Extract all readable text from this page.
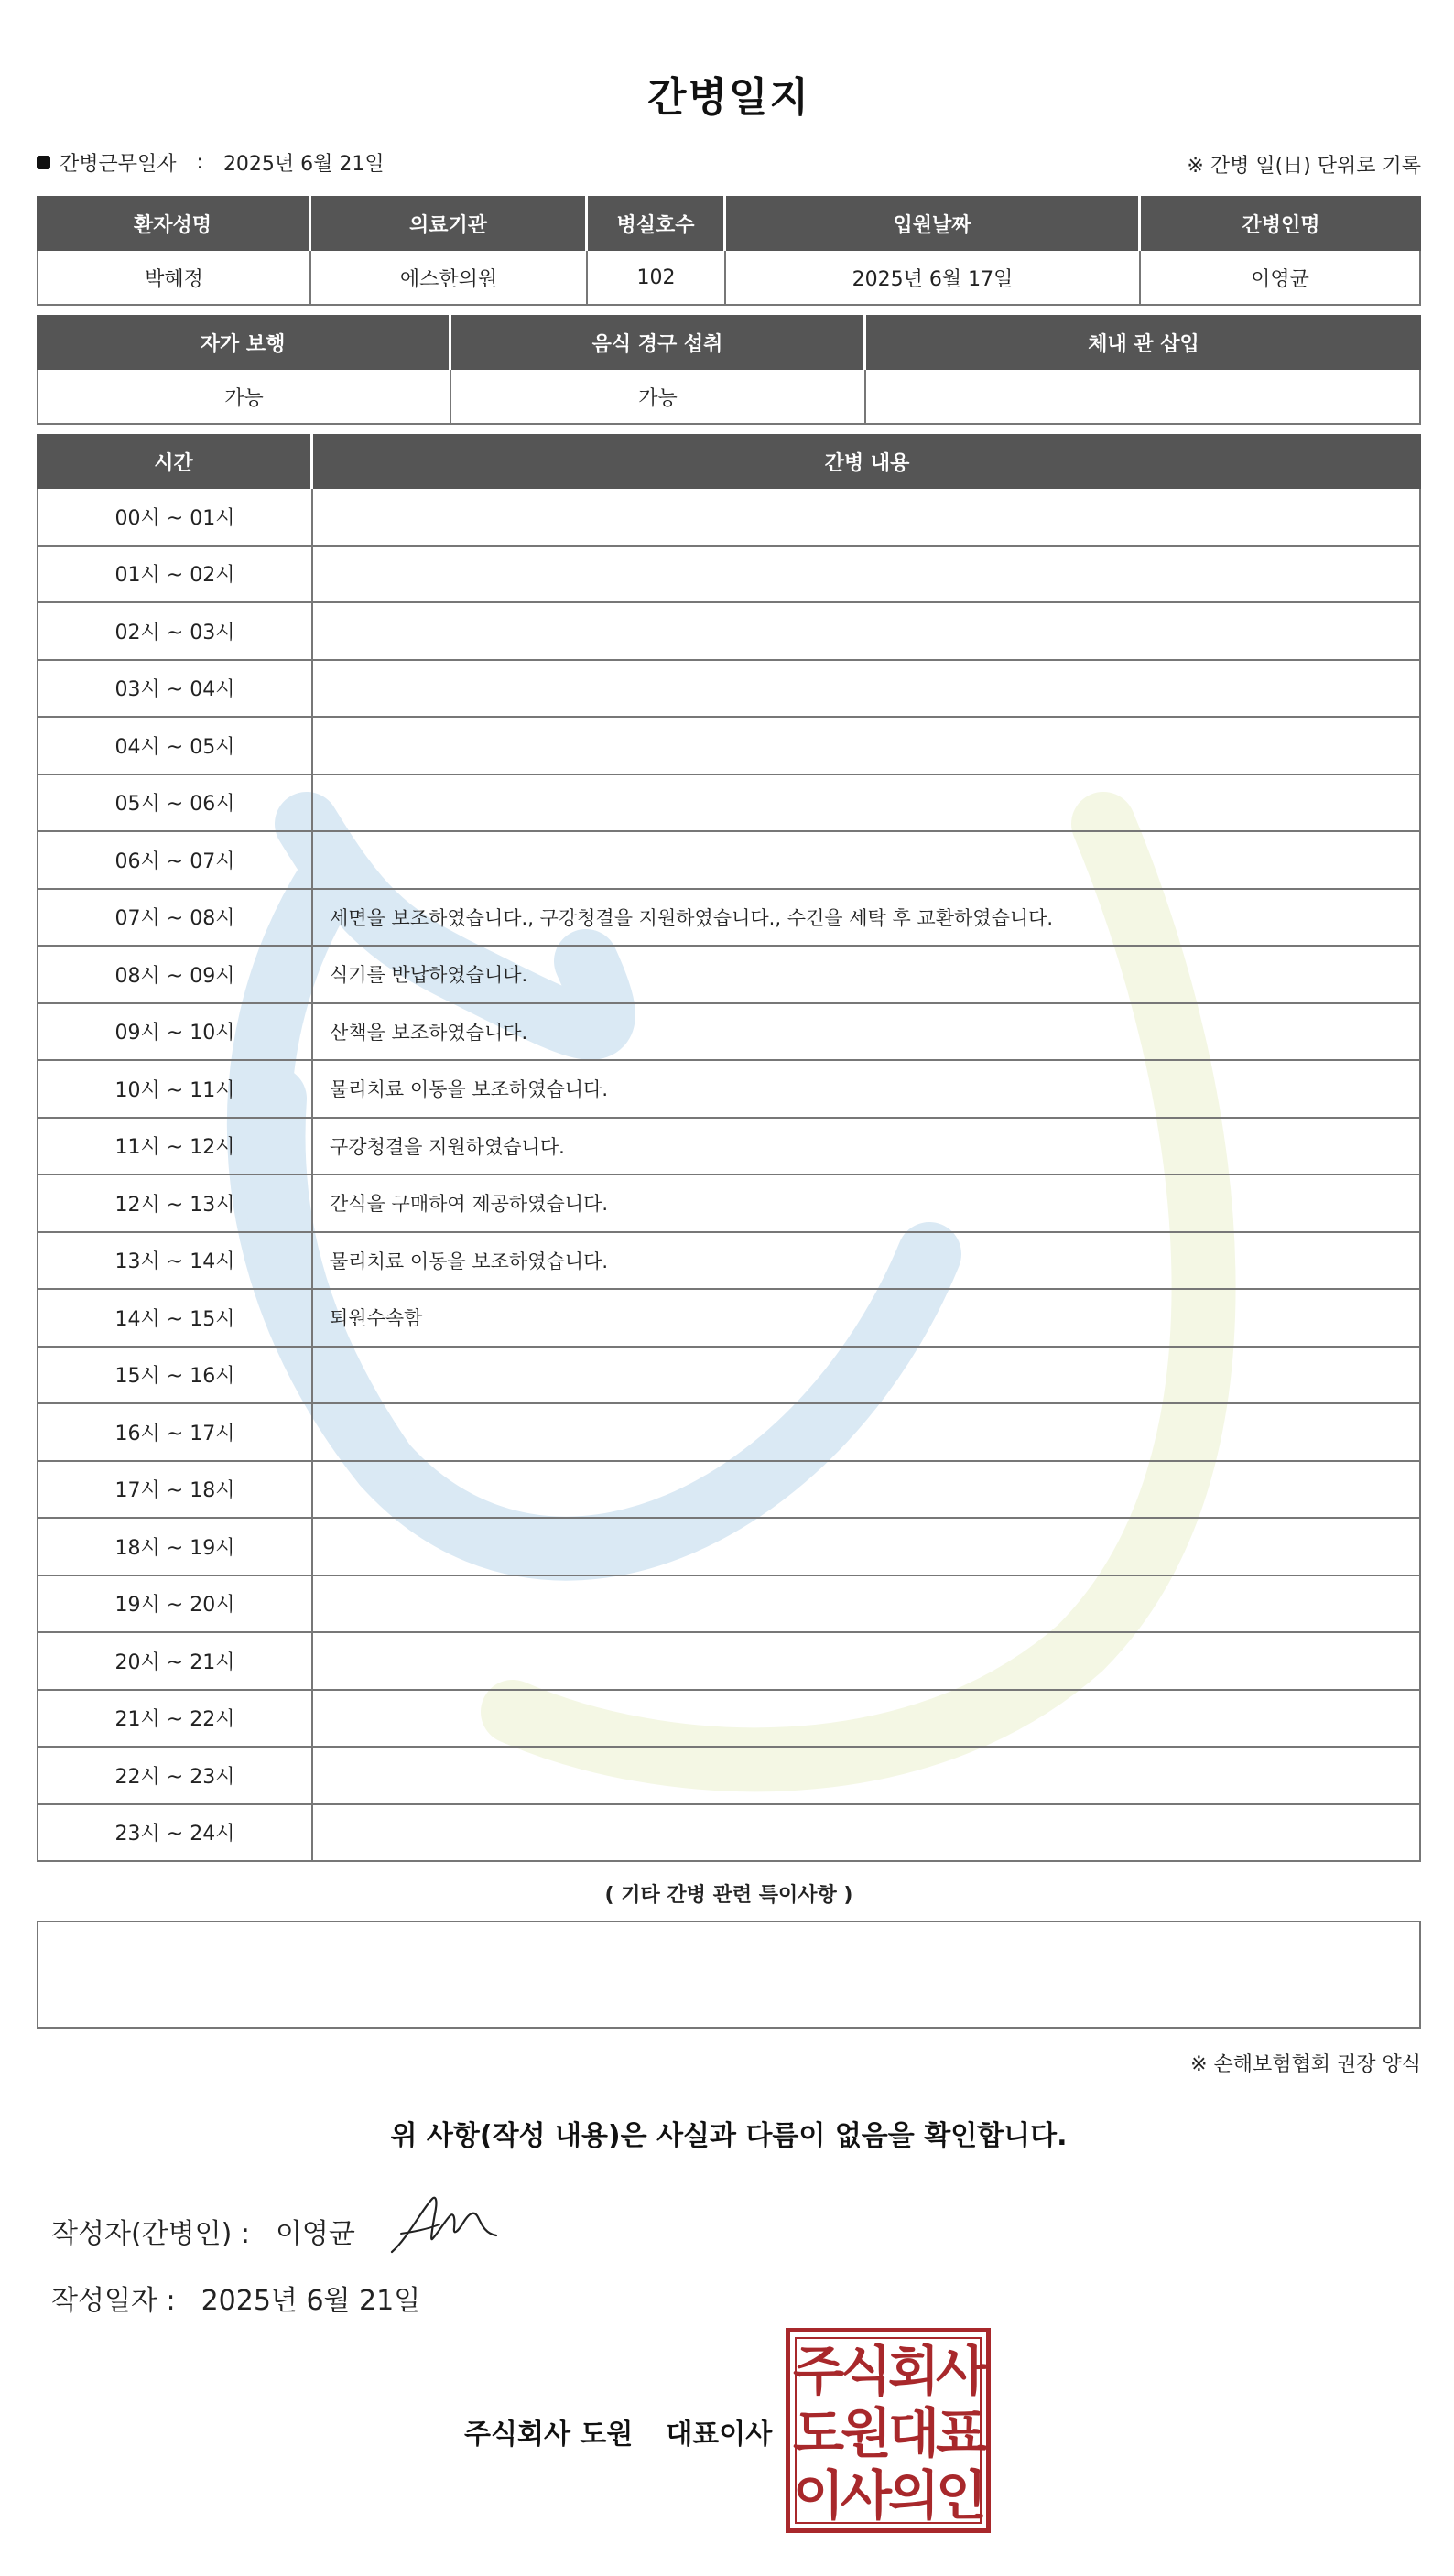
간병일지
간병근무일자 : 2025년 6월 21일	※ 간병 일(日) 단위로 기록
환자성명	의료기관	병실호수	입원날짜	간병인명
박혜정	에스한의원	102	2025년 6월 17일	이영균
자가 보행	음식 경구 섭취	체내 관 삽입
가능	가능	
시간	간병 내용
00시 ~ 01시	
01시 ~ 02시	
02시 ~ 03시	
03시 ~ 04시	
04시 ~ 05시	
05시 ~ 06시	
06시 ~ 07시	
07시 ~ 08시	세면을 보조하였습니다., 구강청결을 지원하였습니다., 수건을 세탁 후 교환하였습니다.
08시 ~ 09시	식기를 반납하였습니다.
09시 ~ 10시	산책을 보조하였습니다.
10시 ~ 11시	물리치료 이동을 보조하였습니다.
11시 ~ 12시	구강청결을 지원하였습니다.
12시 ~ 13시	간식을 구매하여 제공하였습니다.
13시 ~ 14시	물리치료 이동을 보조하였습니다.
14시 ~ 15시	퇴원수속함
15시 ~ 16시	
16시 ~ 17시	
17시 ~ 18시	
18시 ~ 19시	
19시 ~ 20시	
20시 ~ 21시	
21시 ~ 22시	
22시 ~ 23시	
23시 ~ 24시	
( 기타 간병 관련 특이사항 )
※ 손해보험협회 권장 양식
위 사항(작성 내용)은 사실과 다름이 없음을 확인합니다.
작성자(간병인) : 이영균
작성일자 : 2025년 6월 21일
주식회사 도원 대표이사
주식회사
도원대표
이사의인
